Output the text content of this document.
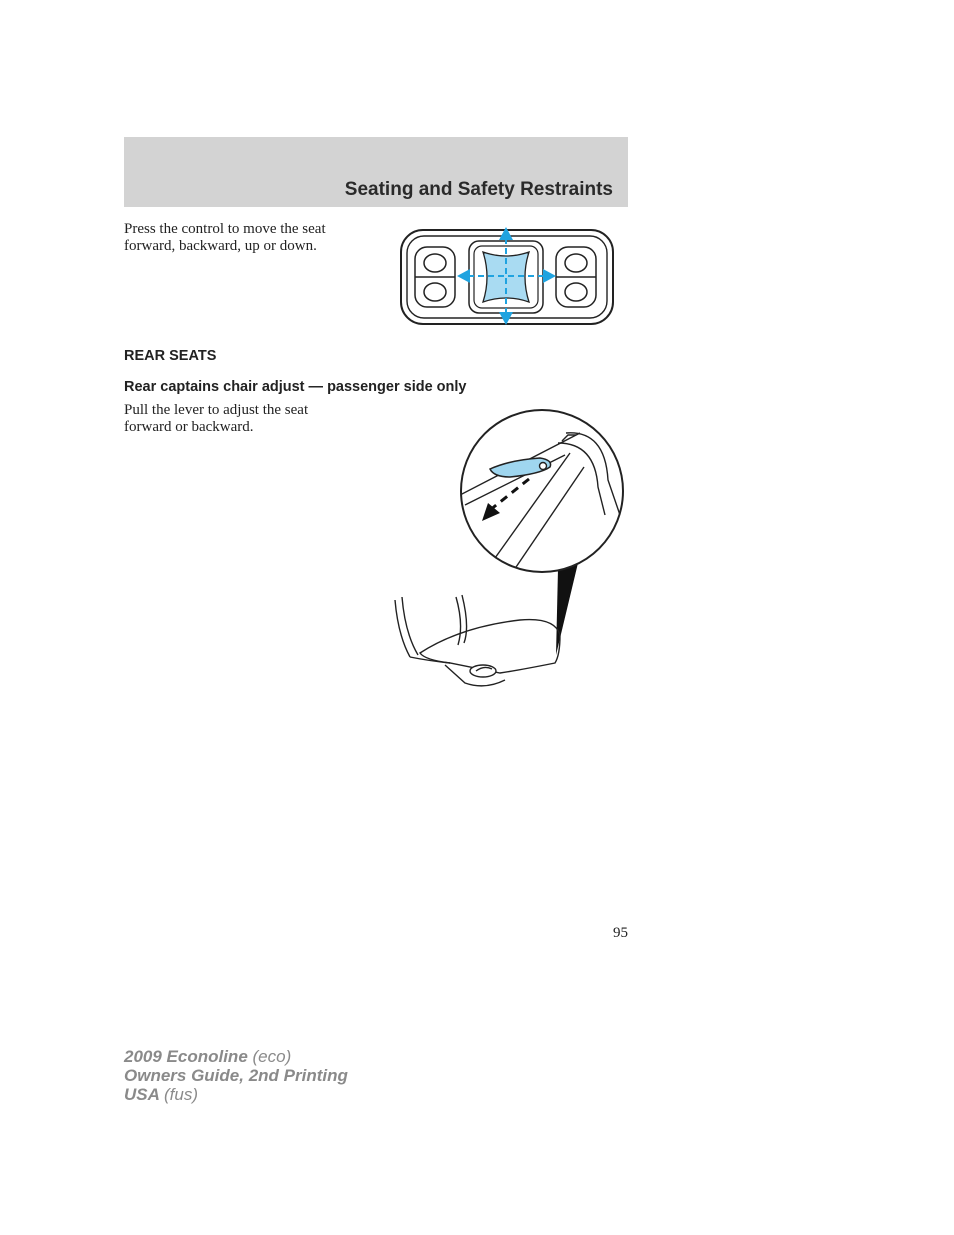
Seating and Safety Restraints

Press the control to move the seat
forward, backward, up or down.

REAR SEATS
Rear captains chair adjust — passenger side only

Pull the lever to adjust the seat
forward or backward.

95
2009 Econoline (eco)
Owners Guide, 2nd Printing
USA (fus)
